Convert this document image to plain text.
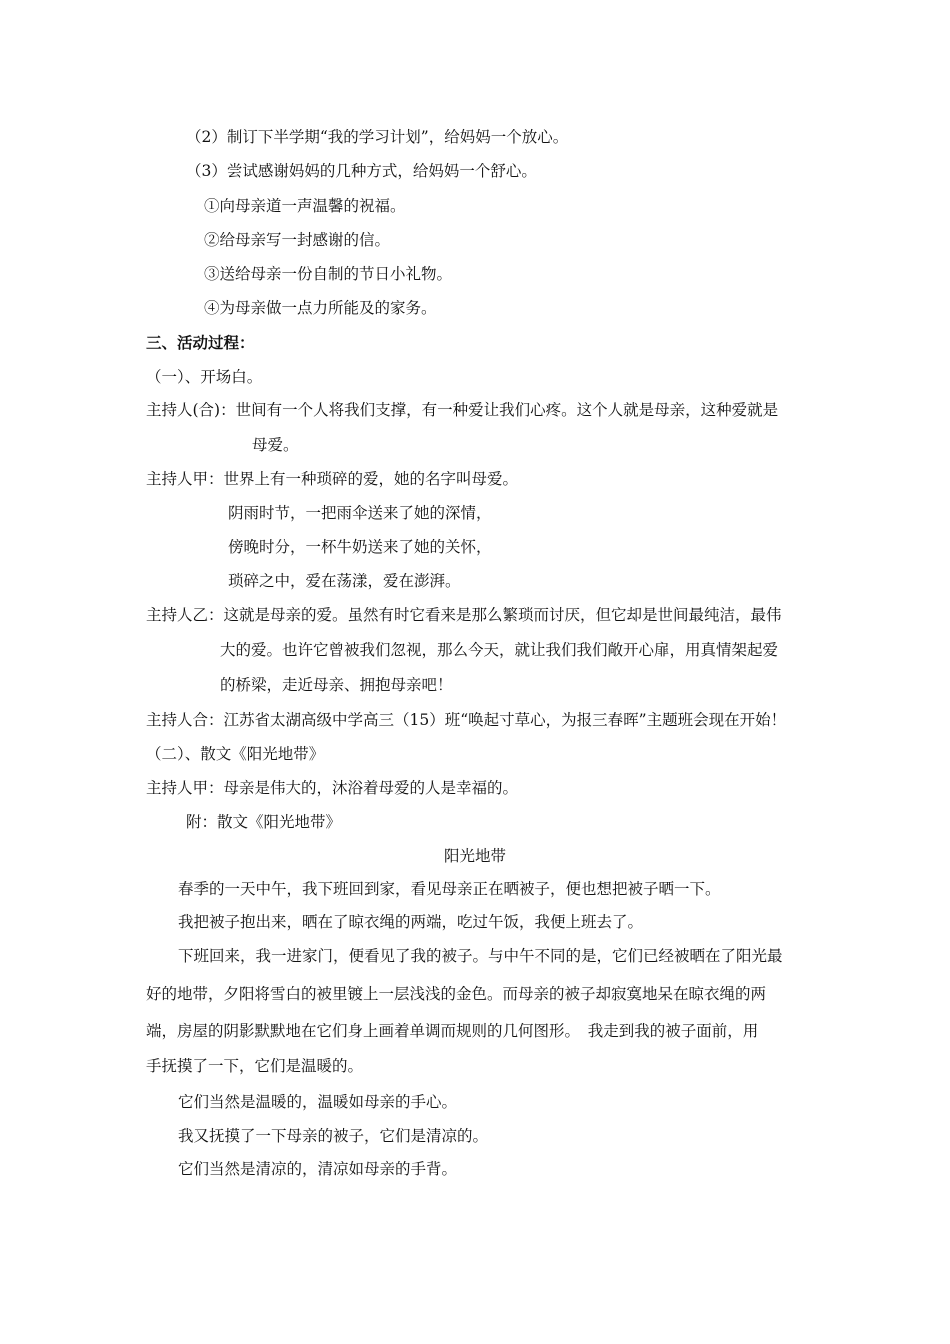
（2）制订下半学期“我的学习计划”，给妈妈一个放心。
（3）尝试感谢妈妈的几种方式，给妈妈一个舒心。
①向母亲道一声温馨的祝福。
②给母亲写一封感谢的信。
③送给母亲一份自制的节日小礼物。
④为母亲做一点力所能及的家务。
三、活动过程：
（一）、开场白。
主持人(合)：世间有一个人将我们支撑，有一种爱让我们心疼。这个人就是母亲，这种爱就是
母爱。
主持人甲：世界上有一种琐碎的爱，她的名字叫母爱。
阴雨时节，一把雨伞送来了她的深情，
傍晚时分，一杯牛奶送来了她的关怀，
琐碎之中，爱在荡漾，爱在澎湃。
主持人乙：这就是母亲的爱。虽然有时它看来是那么繁琐而讨厌，但它却是世间最纯洁，最伟
大的爱。也许它曾被我们忽视，那么今天，就让我们我们敞开心扉，用真情架起爱
的桥梁，走近母亲、拥抱母亲吧！
主持人合：江苏省太湖高级中学高三（15）班“唤起寸草心，为报三春晖”主题班会现在开始！
（二）、散文《阳光地带》
主持人甲：母亲是伟大的，沐浴着母爱的人是幸福的。
附：散文《阳光地带》
阳光地带
春季的一天中午，我下班回到家，看见母亲正在晒被子，便也想把被子晒一下。
我把被子抱出来，晒在了晾衣绳的两端，吃过午饭，我便上班去了。
下班回来，我一进家门，便看见了我的被子。与中午不同的是，它们已经被晒在了阳光最
好的地带，夕阳将雪白的被里镀上一层浅浅的金色。而母亲的被子却寂寞地呆在晾衣绳的两
端，房屋的阴影默默地在它们身上画着单调而规则的几何图形。　我走到我的被子面前，用
手抚摸了一下，它们是温暖的。
它们当然是温暖的，温暖如母亲的手心。
我又抚摸了一下母亲的被子，它们是清凉的。
它们当然是清凉的，清凉如母亲的手背。
